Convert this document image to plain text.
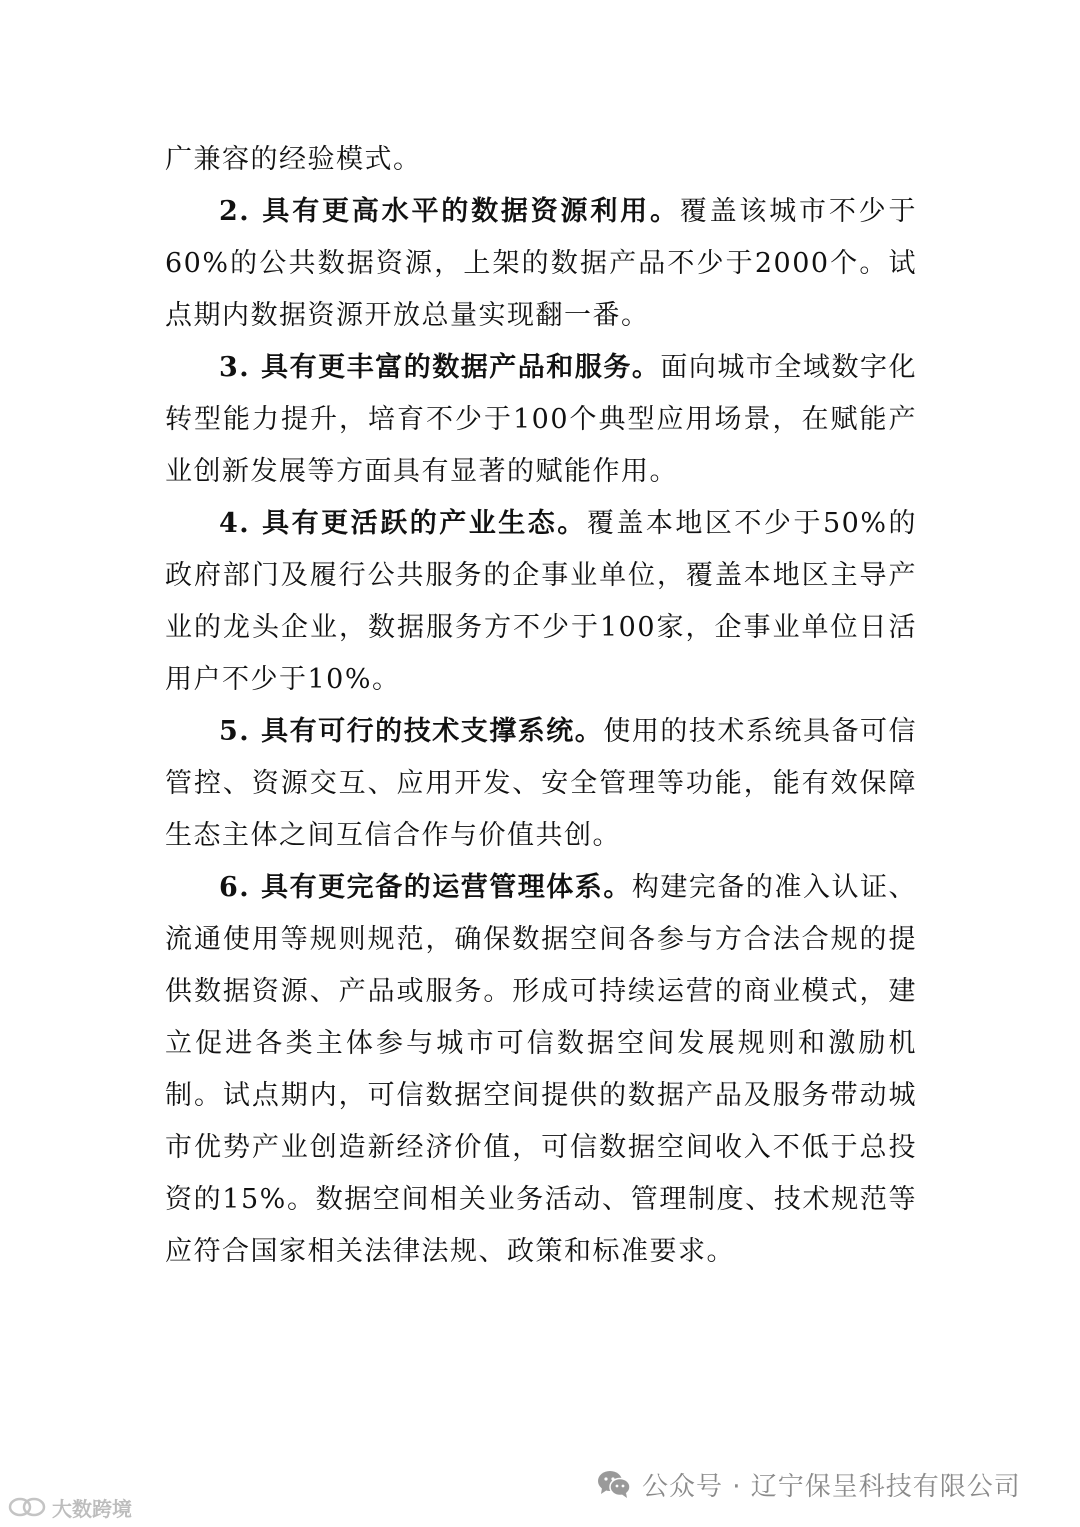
广兼容的经验模式。

2. 具有更高水平的数据资源利用。覆盖该城市不少于60%的公共数据资源，上架的数据产品不少于2000个。试点期内数据资源开放总量实现翻一番。

3. 具有更丰富的数据产品和服务。面向城市全域数字化转型能力提升，培育不少于100个典型应用场景，在赋能产业创新发展等方面具有显著的赋能作用。

4. 具有更活跃的产业生态。覆盖本地区不少于50%的政府部门及履行公共服务的企事业单位，覆盖本地区主导产业的龙头企业，数据服务方不少于100家，企事业单位日活用户不少于10%。

5. 具有可行的技术支撑系统。使用的技术系统具备可信管控、资源交互、应用开发、安全管理等功能，能有效保障生态主体之间互信合作与价值共创。

6. 具有更完备的运营管理体系。构建完备的准入认证、流通使用等规则规范，确保数据空间各参与方合法合规的提供数据资源、产品或服务。形成可持续运营的商业模式，建立促进各类主体参与城市可信数据空间发展规则和激励机制。试点期内，可信数据空间提供的数据产品及服务带动城市优势产业创造新经济价值，可信数据空间收入不低于总投资的15%。数据空间相关业务活动、管理制度、技术规范等应符合国家相关法律法规、政策和标准要求。

公众号 · 辽宁保呈科技有限公司
大数跨境
